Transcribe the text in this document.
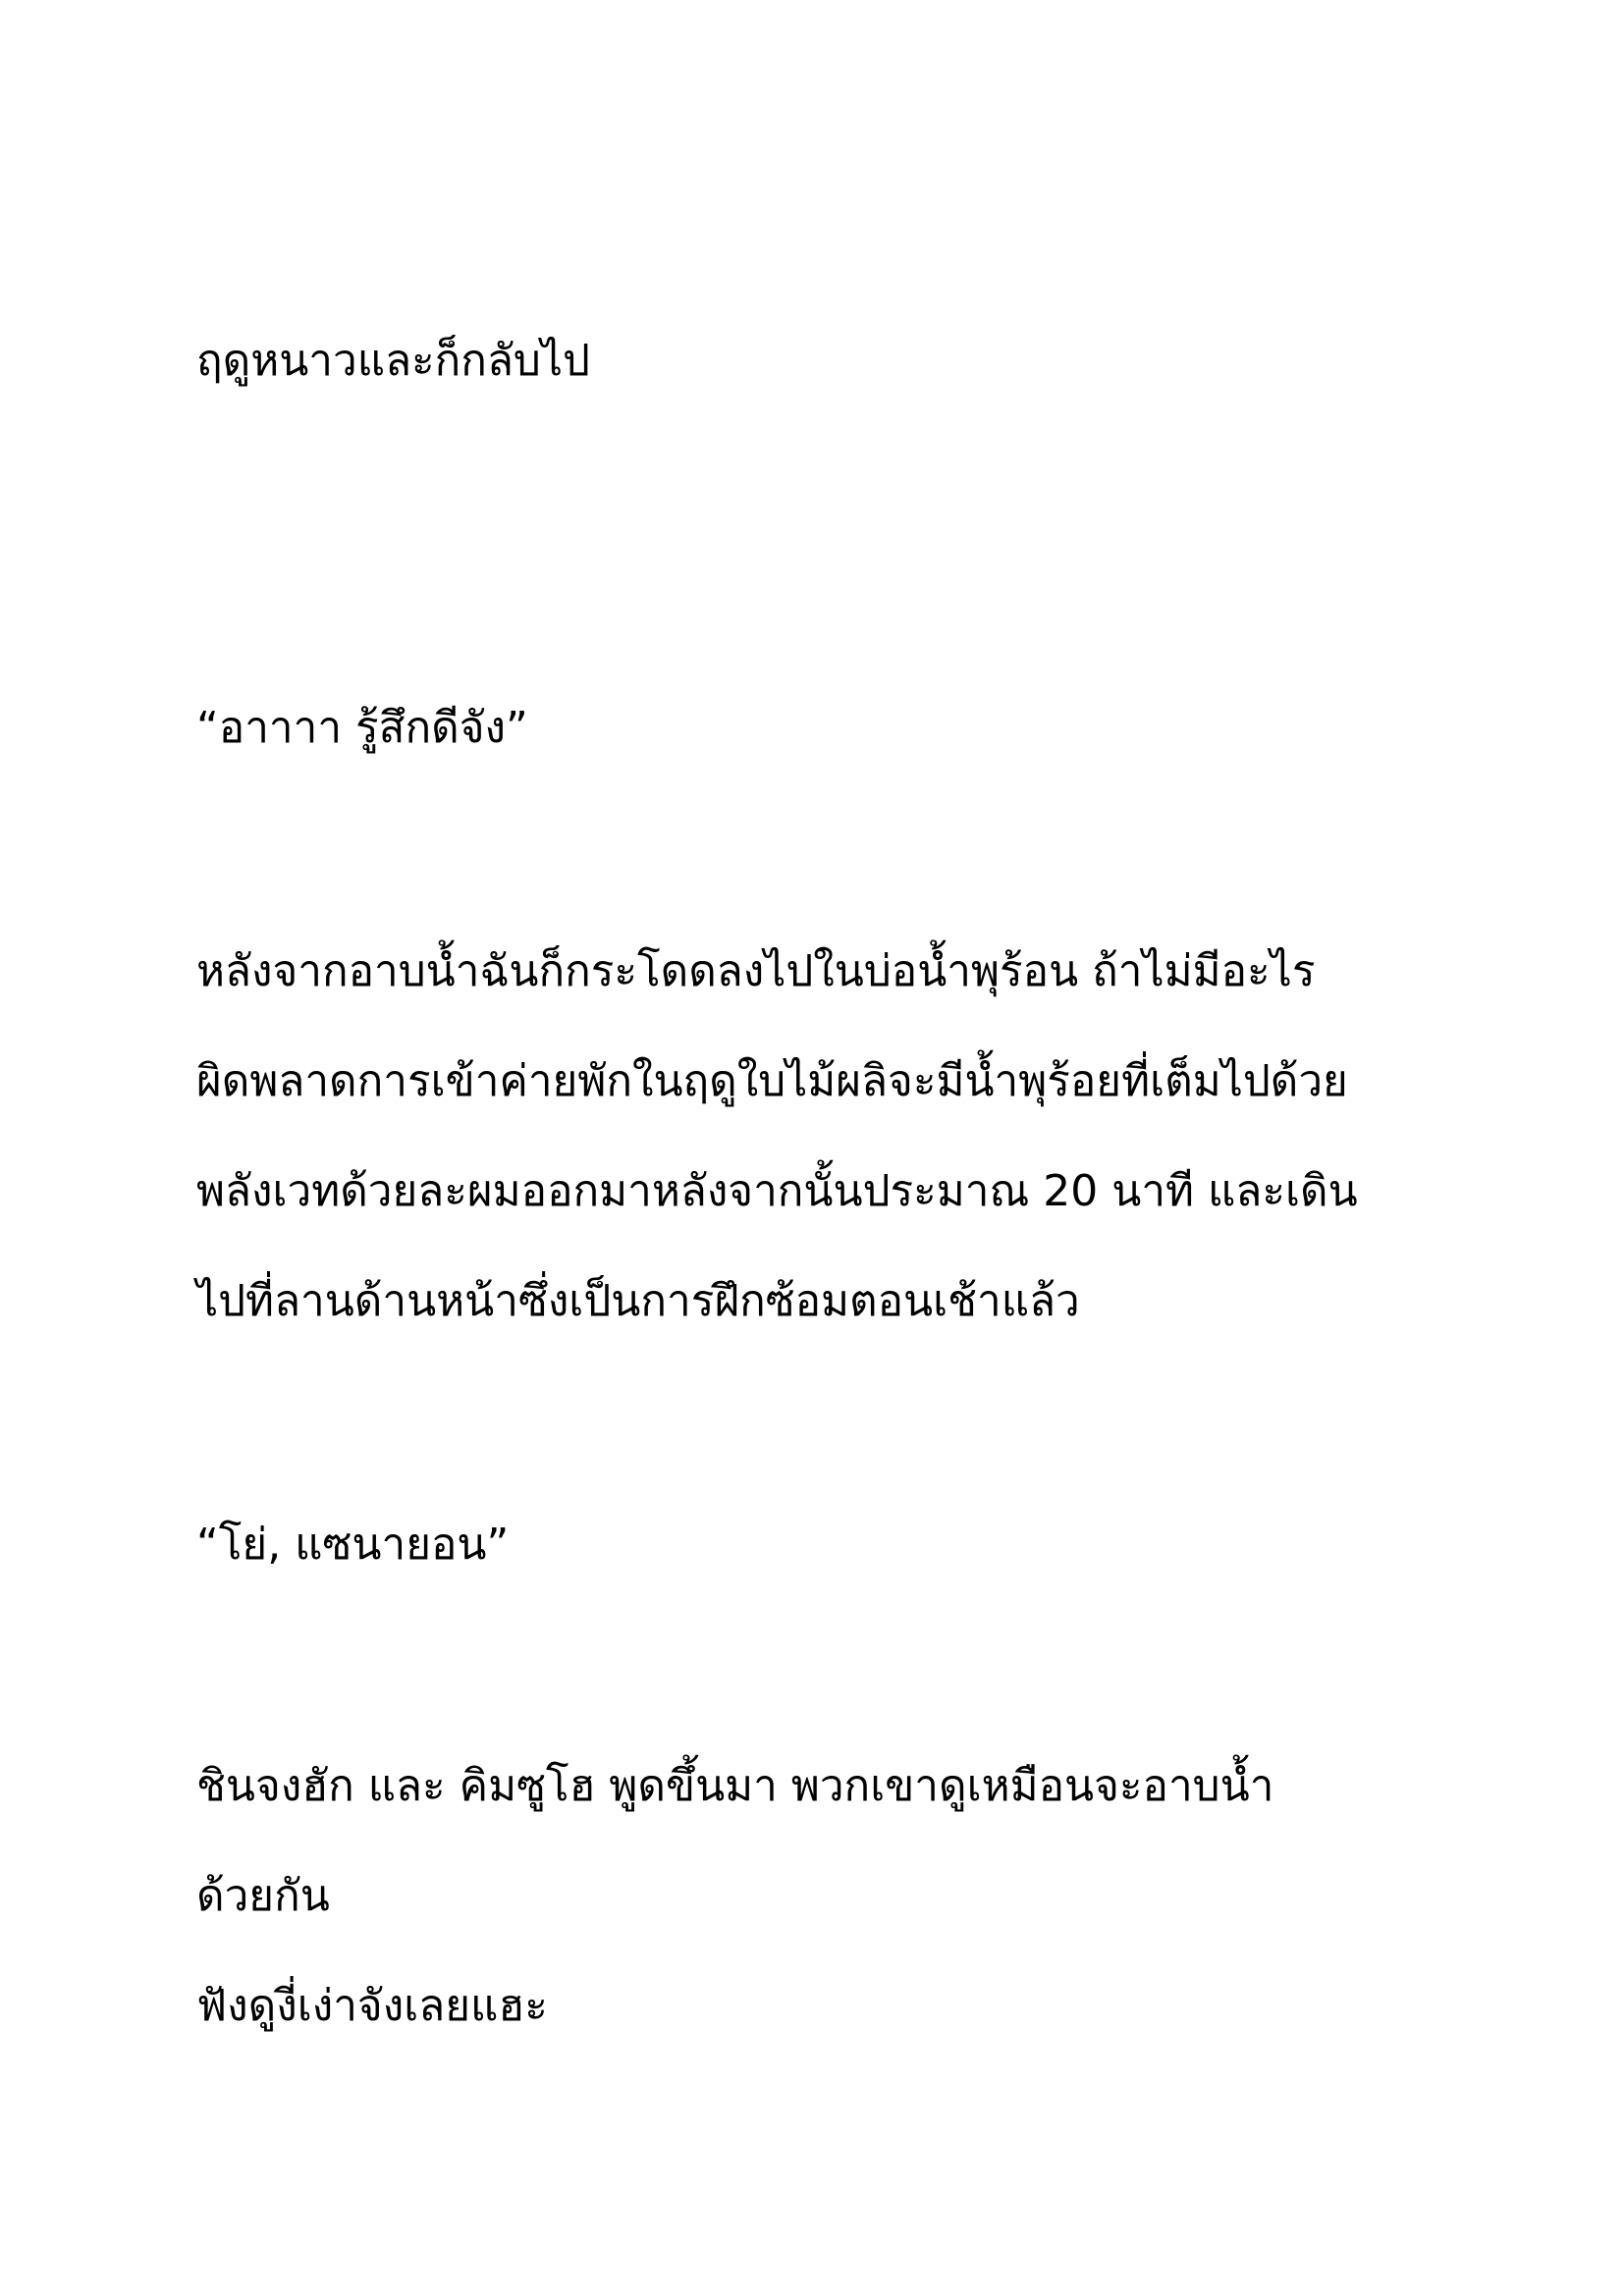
ฤดูหนาวและก็กลับไป
“อาาาา รู้สึกดีจัง”
หลังจากอาบน้ำฉันก็กระโดดลงไปในบ่อน้ำพุร้อน ถ้าไม่มีอะไร
ผิดพลาดการเข้าค่ายพักในฤดูใบไม้ผลิจะมีน้ำพุร้อยที่เต็มไปด้วย
พลังเวทด้วยละผมออกมาหลังจากนั้นประมาณ 20 นาที และเดิน
ไปที่ลานด้านหน้าซึ่งเป็นการฝึกซ้อมตอนเช้าแล้ว
“โย่, แซนายอน”
ชินจงฮัก และ คิมซูโฮ พูดขึ้นมา พวกเขาดูเหมือนจะอาบน้ำ
ด้วยกัน
ฟังดูงี่เง่าจังเลยแฮะ
